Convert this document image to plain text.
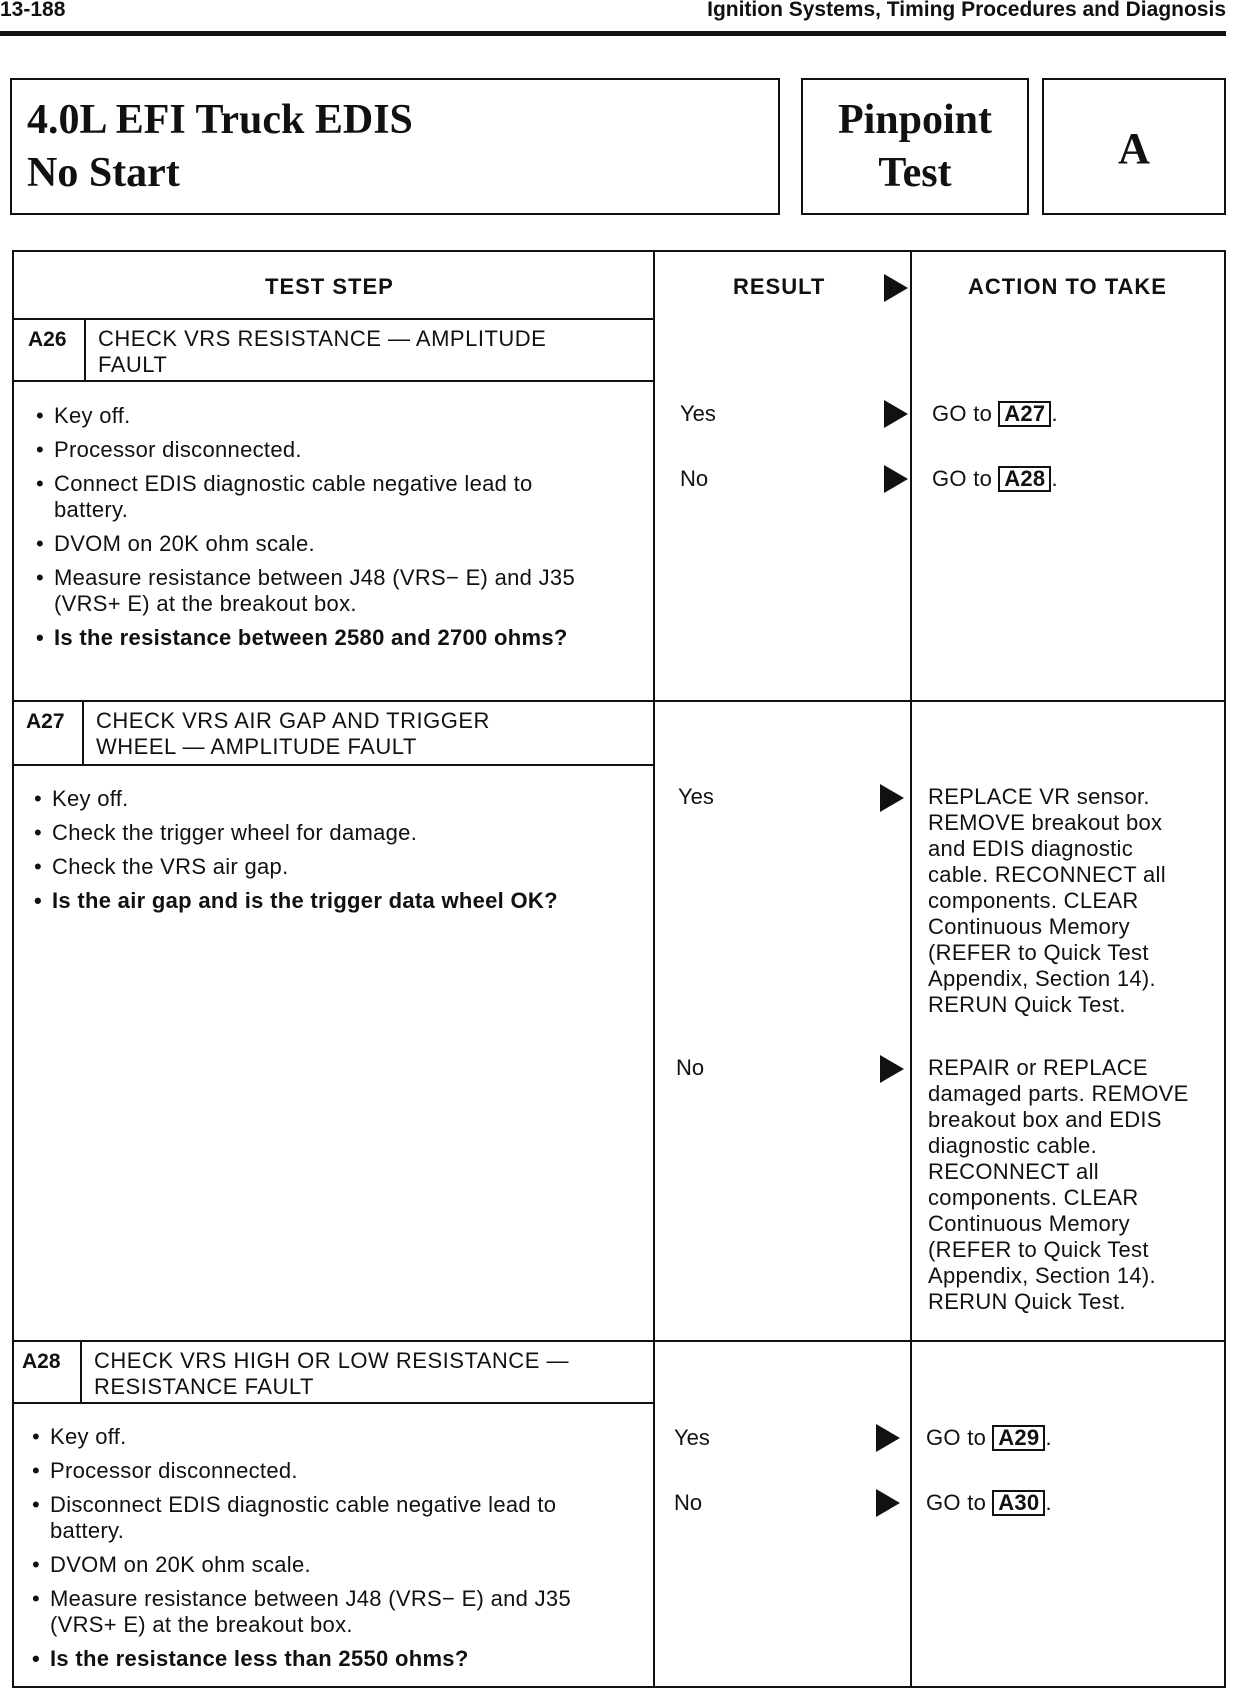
13-188	Ignition Systems, Timing Procedures and Diagnosis
4.0L EFI Truck EDIS
No Start
Pinpoint
Test	A
TEST STEP	RESULT	ACTION TO TAKE
A26 CHECK VRS RESISTANCE — AMPLITUDE
FAULT
• Key off.
• Processor disconnected.
• Connect EDIS diagnostic cable negative lead to battery.
• DVOM on 20K ohm scale.
• Measure resistance between J48 (VRS− E) and J35 (VRS+ E) at the breakout box.
• Is the resistance between 2580 and 2700 ohms?
Yes	GO to A27 .
No	GO to A28 .
A27 CHECK VRS AIR GAP AND TRIGGER
WHEEL — AMPLITUDE FAULT
• Key off.
• Check the trigger wheel for damage.
• Check the VRS air gap.
• Is the air gap and is the trigger data wheel OK?
Yes	REPLACE VR sensor. REMOVE breakout box and EDIS diagnostic cable. RECONNECT all components. CLEAR Continuous Memory (REFER to Quick Test Appendix, Section 14). RERUN Quick Test.
No	REPAIR or REPLACE damaged parts. REMOVE breakout box and EDIS diagnostic cable. RECONNECT all components. CLEAR Continuous Memory (REFER to Quick Test Appendix, Section 14). RERUN Quick Test.
A28 CHECK VRS HIGH OR LOW RESISTANCE —
RESISTANCE FAULT
• Key off.
• Processor disconnected.
• Disconnect EDIS diagnostic cable negative lead to battery.
• DVOM on 20K ohm scale.
• Measure resistance between J48 (VRS− E) and J35 (VRS+ E) at the breakout box.
• Is the resistance less than 2550 ohms?
Yes	GO to A29 .
No	GO to A30 .
